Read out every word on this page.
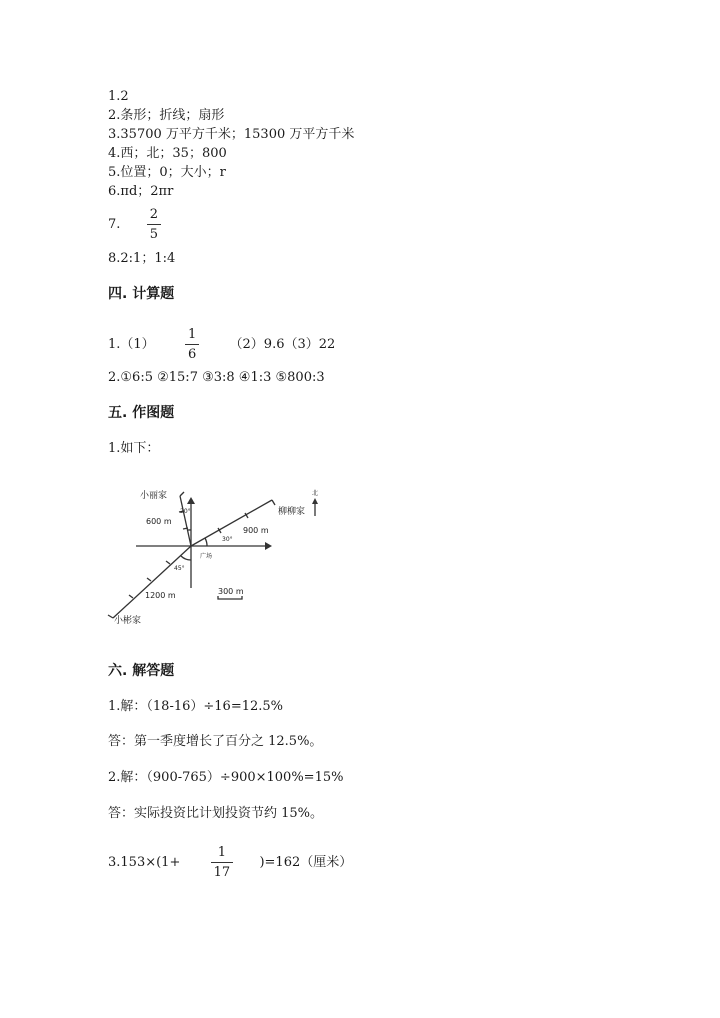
1.2
2.条形；折线；扇形
3.35700 万平方千米；15300 万平方千米
4.西；北；35；800
5.位置；0；大小；r
6.πd；2πr
7. $\frac{2}{5}$
8.2:1；1:4
四. 计算题
$1.(1) \frac{1}{6} (2)9.6(3)22$
2.①6:5 ②15:7 ③3:8 ④1:3 ⑤800:3
五. 作图题
1.如下：
小丽家
600 m
20°	柳柳家
北
900 m
30°
广场
45°
1200 m	300 m
小彬家
六. 解答题
1.解：（18-16）÷16=12.5%
答：第一季度增长了百分之 12.5%。
2.解：（900-765）÷900×100%=15%
答：实际投资比计划投资节约 15%。
$3.153\times(1+ \frac{1}{17} )=162$（厘米）
